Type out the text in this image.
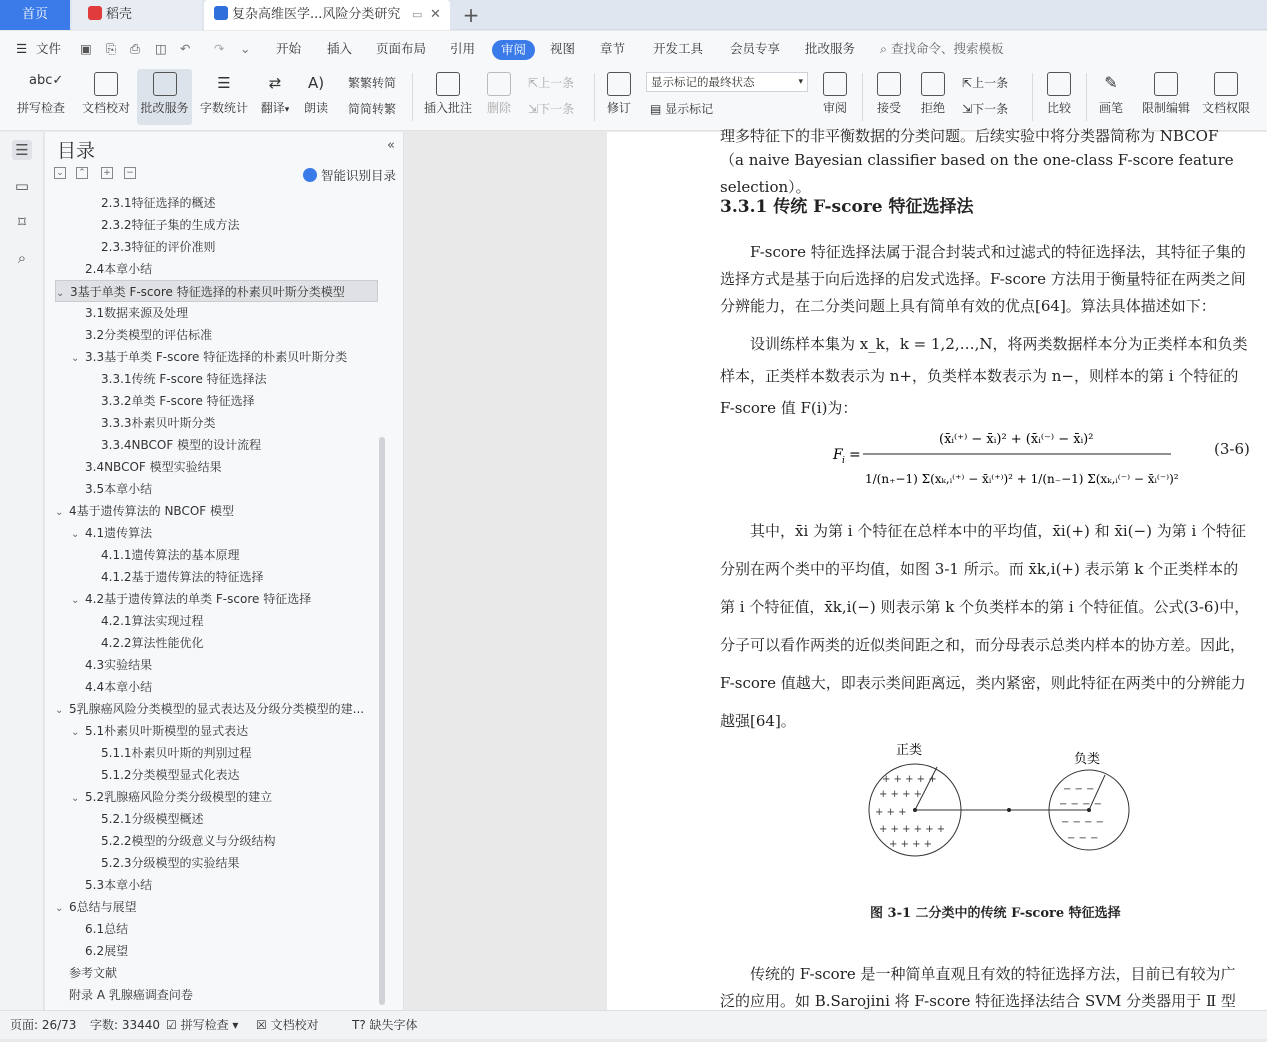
首页	稻壳	复杂高维医学...风险分类研究 ▭ ✕ +
☰ 文件 ▣ ⎘ ⎙ ◫ ↶ ↷ ⌄ 开始 插入 页面布局 引用	审阅	视图 章节 开发工具 会员专享 批改服务 ⌕ 查找命令、搜索模板
abc✓
拼写检查	文档校对 批改服务
☰
字数统计
⇄
翻译▾
A)
朗读
繁繁转简
简简转繁	插入批注	删除
⇱上一条
⇲下一条	修订
显示标记的最终状态	▾
▤ 显示标记	审阅	接受	拒绝
⇱上一条
⇲下一条	比较
✎
画笔	限制编辑 文档权限
☰
▭
⌑
⌕
目录	«
⌄ ⌃ + −	智能识别目录
2.3.1特征选择的概述
2.3.2特征子集的生成方法
2.3.3特征的评价准则
2.4本章小结
⌄ 3基于单类 F-score 特征选择的朴素贝叶斯分类模型
3.1数据来源及处理
3.2分类模型的评估标准
⌄ 3.3基于单类 F-score 特征选择的朴素贝叶斯分类
3.3.1传统 F-score 特征选择法
3.3.2单类 F-score 特征选择
3.3.3朴素贝叶斯分类
3.3.4NBCOF 模型的设计流程
3.4NBCOF 模型实验结果
3.5本章小结
⌄ 4基于遗传算法的 NBCOF 模型
⌄ 4.1遗传算法
4.1.1遗传算法的基本原理
4.1.2基于遗传算法的特征选择
⌄ 4.2基于遗传算法的单类 F-score 特征选择
4.2.1算法实现过程
4.2.2算法性能优化
4.3实验结果
4.4本章小结
⌄ 5乳腺癌风险分类模型的显式表达及分级分类模型的建...
⌄ 5.1朴素贝叶斯模型的显式表达
5.1.1朴素贝叶斯的判别过程
5.1.2分类模型显式化表达
⌄ 5.2乳腺癌风险分类分级模型的建立
5.2.1分级模型概述
5.2.2模型的分级意义与分级结构
5.2.3分级模型的实验结果
5.3本章小结
⌄ 6总结与展望
6.1总结
6.2展望
参考文献
附录 A 乳腺癌调查问卷
理多特征下的非平衡数据的分类问题。后续实验中将分类器简称为 NBCOF
（a naive Bayesian classifier based on the one-class F-score feature selection）。
3.3.1 传统 F-score 特征选择法
F-score 特征选择法属于混合封装式和过滤式的特征选择法，其特征子集的选择方式是基于向后选择的启发式选择。F-score 方法用于衡量特征在两类之间分辨能力，在二分类问题上具有简单有效的优点[64]。算法具体描述如下：
设训练样本集为 x_k，k = 1,2,…,N，将两类数据样本分为正类样本和负类样本，正类样本数表示为 n+，负类样本数表示为 n−，则样本的第 i 个特征的 F-score 值 F(i)为：
F i =
(x̄ᵢ⁽⁺⁾ − x̄ᵢ)² + (x̄ᵢ⁽⁻⁾ − x̄ᵢ)²
1/(n₊−1) Σ(xₖ,ᵢ⁽⁺⁾ − x̄ᵢ⁽⁺⁾)² + 1/(n₋−1) Σ(xₖ,ᵢ⁽⁻⁾ − x̄ᵢ⁽⁻⁾)²
(3-6)
其中，x̄i 为第 i 个特征在总样本中的平均值，x̄i(+) 和 x̄i(−) 为第 i 个特征分别在两个类中的平均值，如图 3-1 所示。而 x̄k,i(+) 表示第 k 个正类样本的第 i 个特征值，x̄k,i(−) 则表示第 k 个负类样本的第 i 个特征值。公式(3-6)中，分子可以看作两类的近似类间距之和，而分母表示总类内样本的协方差。因此，F-score 值越大，即表示类间距离远，类内紧密，则此特征在两类中的分辨能力越强[64]。
正类
负类
+ + + + +
+ + + +
+ + +
+ + + + + +
+ + + +
− − −
− − − −
− − − −
− − −
图 3-1 二分类中的传统 F-score 特征选择
传统的 F-score 是一种简单直观且有效的特征选择方法，目前已有较为广泛的应用。如 B.Sarojini 将 F-score 特征选择法结合 SVM 分类器用于 Ⅱ 型
页面: 26/73 字数: 33440 ☑ 拼写检查 ▾ ☒ 文档校对	T? 缺失字体
